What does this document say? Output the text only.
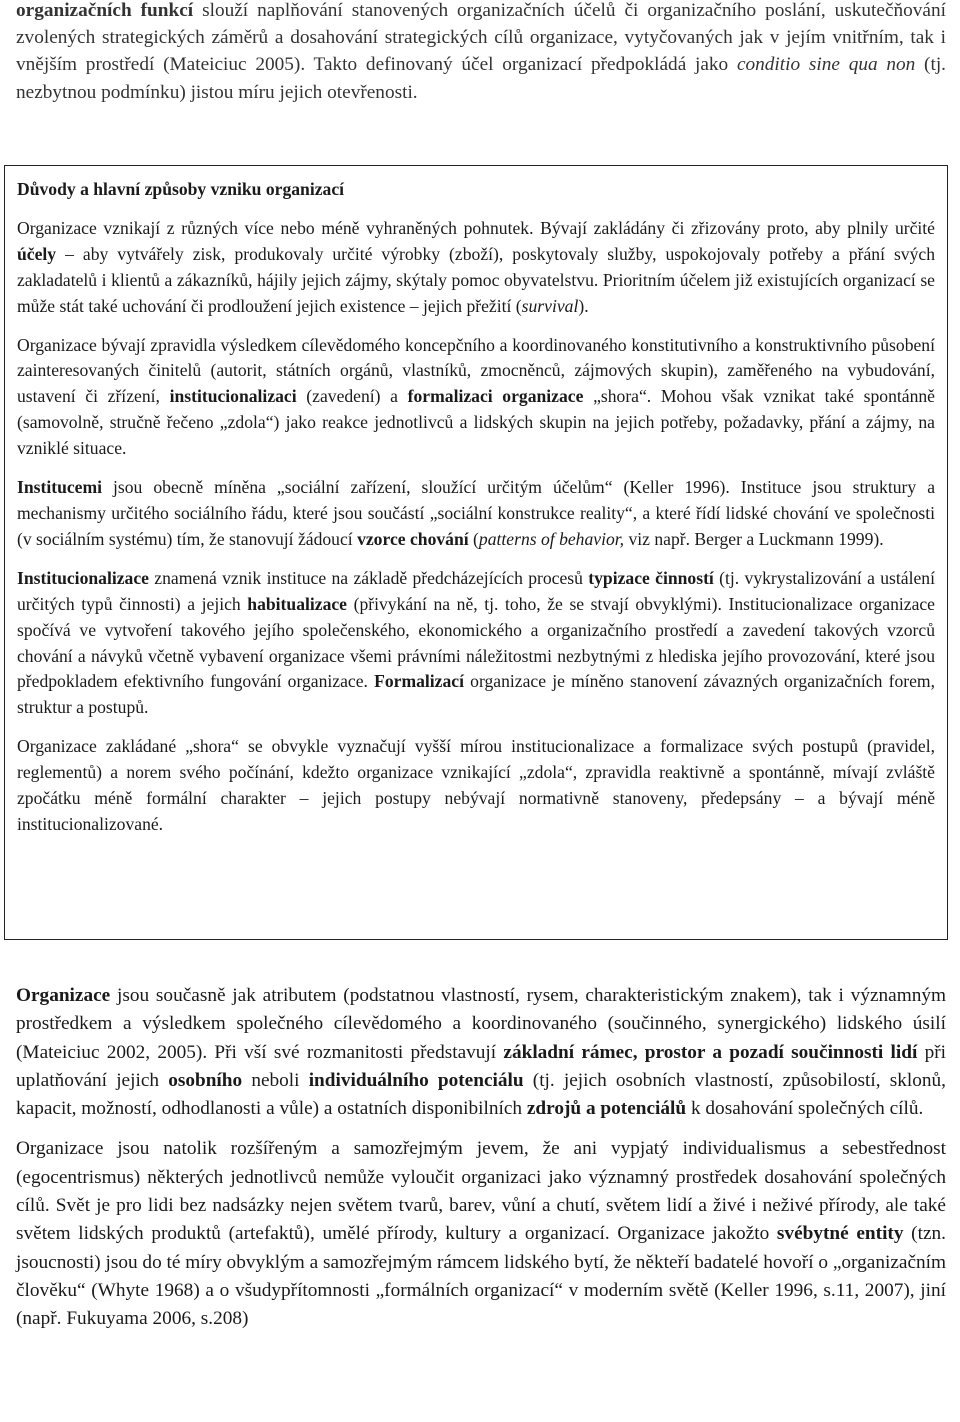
organizačních funkcí slouží naplňování stanovených organizačních účelů či organizačního poslání, uskutečňování zvolených strategických záměrů a dosahování strategických cílů organizace, vytyčovaných jak v jejím vnitřním, tak i vnějším prostředí (Mateiciuc 2005). Takto definovaný účel organizací předpokládá jako conditio sine qua non (tj. nezbytnou podmínku) jistou míru jejich otevřenosti.

Důvody a hlavní způsoby vzniku organizací

Organizace vznikají z různých více nebo méně vyhraněných pohnutek. Bývají zakládány či zřizovány proto, aby plnily určité účely – aby vytvářely zisk, produkovaly určité výrobky (zboží), poskytovaly služby, uspokojovaly potřeby a přání svých zakladatelů i klientů a zákazníků, hájily jejich zájmy, skýtaly pomoc obyvatelstvu. Prioritním účelem již existujících organizací se může stát také uchování či prodloužení jejich existence – jejich přežití (survival).

Organizace bývají zpravidla výsledkem cílevědomého koncepčního a koordinovaného konstitutivního a konstruktivního působení zainteresovaných činitelů (autorit, státních orgánů, vlastníků, zmocněnců, zájmových skupin), zaměřeného na vybudování, ustavení či zřízení, institucionalizaci (zavedení) a formalizaci organizace „shora“. Mohou však vznikat také spontánně (samovolně, stručně řečeno „zdola“) jako reakce jednotlivců a lidských skupin na jejich potřeby, požadavky, přání a zájmy, na vzniklé situace.

Institucemi jsou obecně míněna „sociální zařízení, sloužící určitým účelům“ (Keller 1996). Instituce jsou struktury a mechanismy určitého sociálního řádu, které jsou součástí „sociální konstrukce reality“, a které řídí lidské chování ve společnosti (v sociálním systému) tím, že stanovují žádoucí vzorce chování (patterns of behavior, viz např. Berger a Luckmann 1999).

Institucionalizace znamená vznik instituce na základě předcházejících procesů typizace činností (tj. vykrystalizování a ustálení určitých typů činnosti) a jejich habitualizace (přivykání na ně, tj. toho, že se stvají obvyklými). Institucionalizace organizace spočívá ve vytvoření takového jejího společenského, ekonomického a organizačního prostředí a zavedení takových vzorců chování a návyků včetně vybavení organizace všemi právními náležitostmi nezbytnými z hlediska jejího provozování, které jsou předpokladem efektivního fungování organizace. Formalizací organizace je míněno stanovení závazných organizačních forem, struktur a postupů.

Organizace zakládané „shora“ se obvykle vyznačují vyšší mírou institucionalizace a formalizace svých postupů (pravidel, reglementů) a norem svého počínání, kdežto organizace vznikající „zdola“, zpravidla reaktivně a spontánně, mívají zvláště zpočátku méně formální charakter – jejich postupy nebývají normativně stanoveny, předepsány – a bývají méně institucionalizované.

Organizace jsou současně jak atributem (podstatnou vlastností, rysem, charakteristickým znakem), tak i významným prostředkem a výsledkem společného cílevědomého a koordinovaného (součinného, synergického) lidského úsilí (Mateiciuc 2002, 2005). Při vší své rozmanitosti představují základní rámec, prostor a pozadí součinnosti lidí při uplatňování jejich osobního neboli individuálního potenciálu (tj. jejich osobních vlastností, způsobilostí, sklonů, kapacit, možností, odhodlanosti a vůle) a ostatních disponibilních zdrojů a potenciálů k dosahování společných cílů.

Organizace jsou natolik rozšířeným a samozřejmým jevem, že ani vypjatý individualismus a sebestřednost (egocentrismus) některých jednotlivců nemůže vyloučit organizaci jako významný prostředek dosahování společných cílů. Svět je pro lidi bez nadsázky nejen světem tvarů, barev, vůní a chutí, světem lidí a živé i neživé přírody, ale také světem lidských produktů (artefaktů), umělé přírody, kultury a organizací. Organizace jakožto svébytné entity (tzn. jsoucnosti) jsou do té míry obvyklým a samozřejmým rámcem lidského bytí, že někteří badatelé hovoří o „organizačním člověku“ (Whyte 1968) a o všudypřítomnosti „formálních organizací“ v moderním světě (Keller 1996, s.11, 2007), jiní (např. Fukuyama 2006, s.208)
